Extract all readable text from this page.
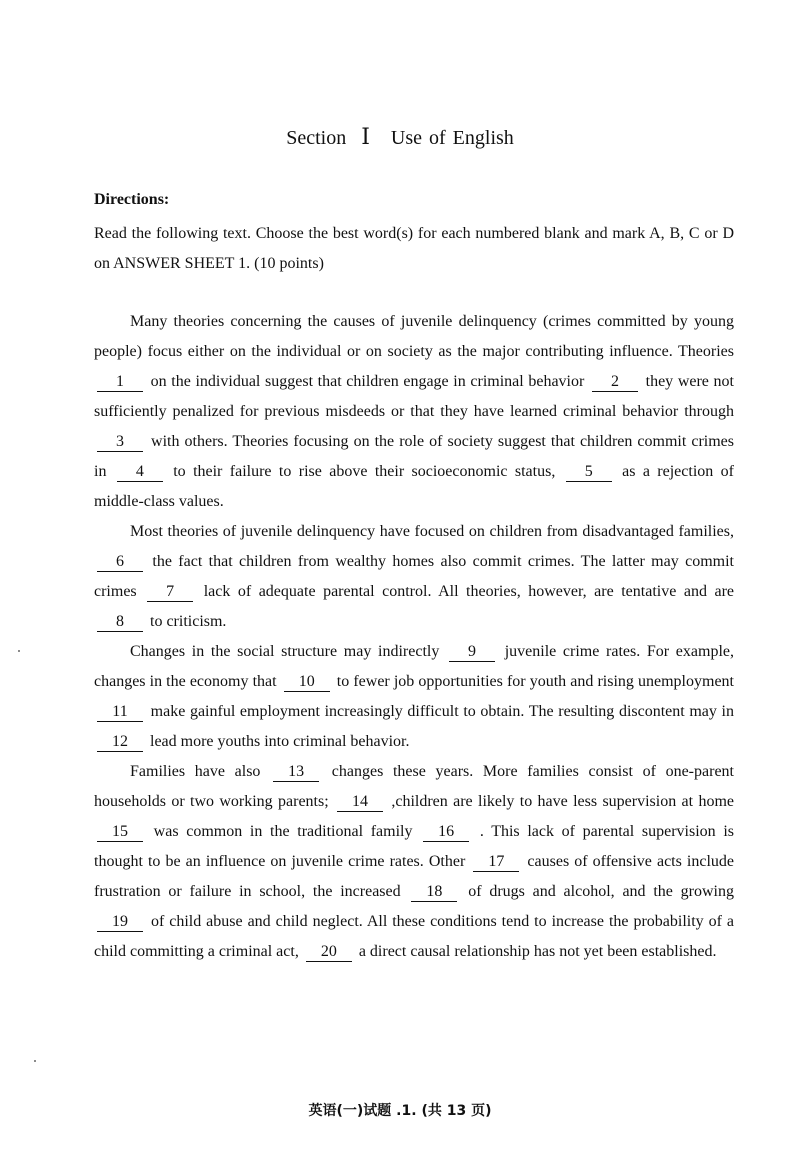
Section Ⅰ Use of English
Directions:
Read the following text. Choose the best word(s) for each numbered blank and mark A, B, C or D on ANSWER SHEET 1. (10 points)

Many theories concerning the causes of juvenile delinquency (crimes committed by young people) focus either on the individual or on society as the major contributing influence. Theories 1 on the individual suggest that children engage in criminal behavior 2 they were not sufficiently penalized for previous misdeeds or that they have learned criminal behavior through 3 with others. Theories focusing on the role of society suggest that children commit crimes in 4 to their failure to rise above their socioeconomic status, 5 as a rejection of middle-class values.

Most theories of juvenile delinquency have focused on children from disadvantaged families, 6 the fact that children from wealthy homes also commit crimes. The latter may commit crimes 7 lack of adequate parental control. All theories, however, are tentative and are 8 to criticism.

Changes in the social structure may indirectly 9 juvenile crime rates. For example, changes in the economy that 10 to fewer job opportunities for youth and rising unemployment 11 make gainful employment increasingly difficult to obtain. The resulting discontent may in 12 lead more youths into criminal behavior.

Families have also 13 changes these years. More families consist of one-parent households or two working parents; 14 ,children are likely to have less supervision at home 15 was common in the traditional family 16 . This lack of parental supervision is thought to be an influence on juvenile crime rates. Other 17 causes of offensive acts include frustration or failure in school, the increased 18 of drugs and alcohol, and the growing 19 of child abuse and child neglect. All these conditions tend to increase the probability of a child committing a criminal act, 20 a direct causal relationship has not yet been established.

英语(一)试题 .1. (共 13 页)
